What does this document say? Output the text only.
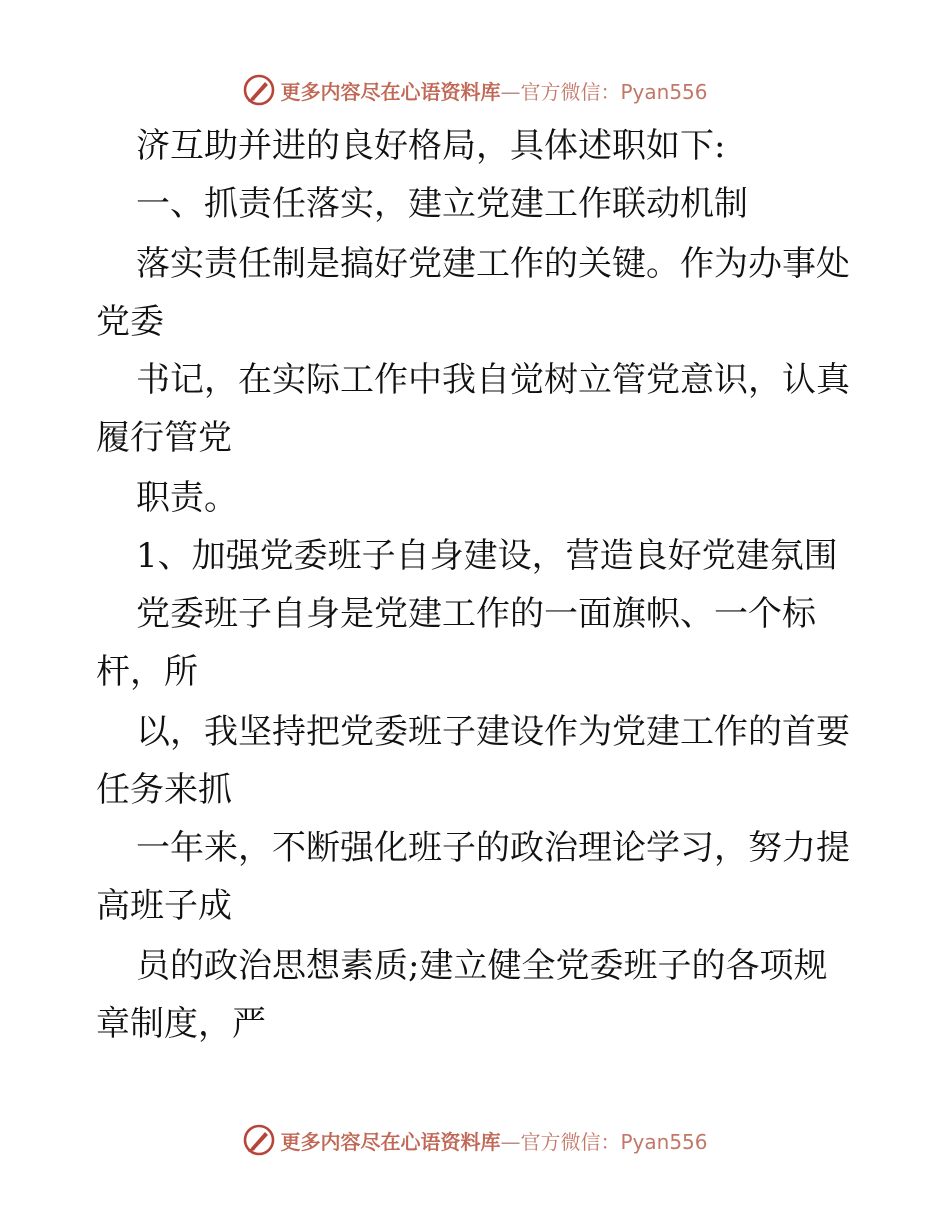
更多内容尽在心语资料库—官方微信：Pyan556
济互助并进的良好格局，具体述职如下:
一、抓责任落实，建立党建工作联动机制
落实责任制是搞好党建工作的关键。作为办事处
党委
书记，在实际工作中我自觉树立管党意识，认真
履行管党
职责。
1、加强党委班子自身建设，营造良好党建氛围
党委班子自身是党建工作的一面旗帜、一个标
杆，所
以，我坚持把党委班子建设作为党建工作的首要
任务来抓
一年来，不断强化班子的政治理论学习，努力提
高班子成
员的政治思想素质;建立健全党委班子的各项规
章制度，严
更多内容尽在心语资料库—官方微信：Pyan556
